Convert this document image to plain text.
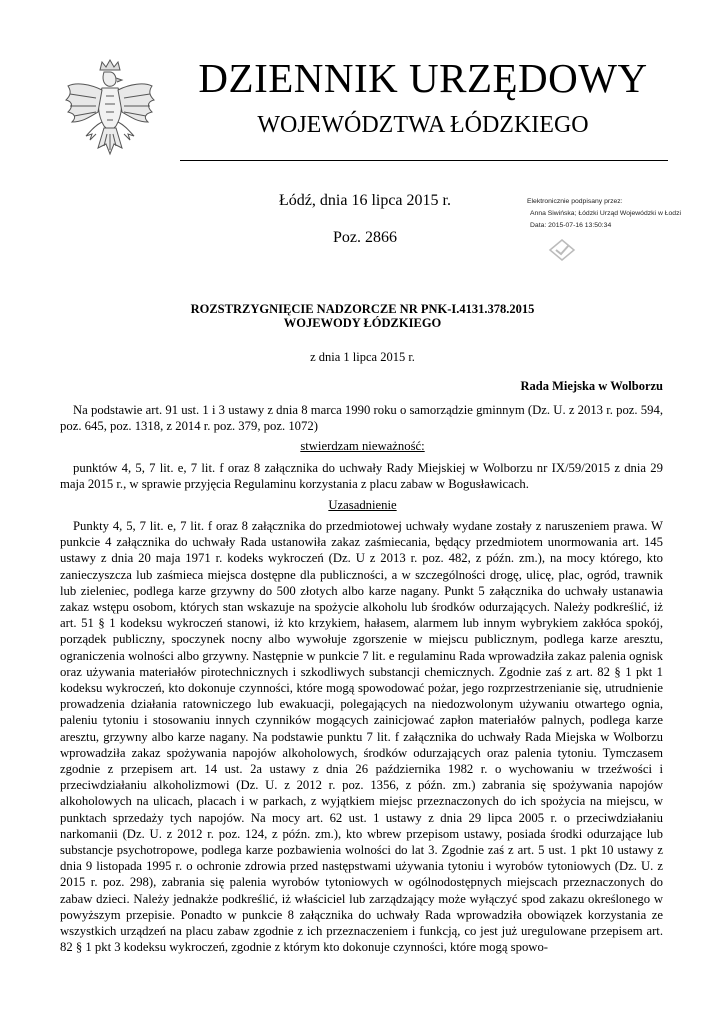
DZIENNIK URZĘDOWY
WOJEWÓDZTWA ŁÓDZKIEGO
Łódź, dnia 16 lipca 2015 r.
Poz. 2866
Elektronicznie podpisany przez:
Anna Siwińska; Łódzki Urząd Wojewódzki w Łodzi
Data: 2015-07-16 13:50:34
ROZSTRZYGNIĘCIE NADZORCZE NR PNK-I.4131.378.2015
WOJEWODY ŁÓDZKIEGO
z dnia 1 lipca 2015 r.
Rada Miejska w Wolborzu

Na podstawie art. 91 ust. 1 i 3 ustawy z dnia 8 marca 1990 roku o samorządzie gminnym (Dz. U. z 2013 r. poz. 594, poz. 645, poz. 1318, z 2014 r. poz. 379, poz. 1072)

stwierdzam nieważność:

punktów 4, 5, 7 lit. e, 7 lit. f oraz 8 załącznika do uchwały Rady Miejskiej w Wolborzu nr IX/59/2015 z dnia 29 maja 2015 r., w sprawie przyjęcia Regulaminu korzystania z placu zabaw w Bogusławicach.

Uzasadnienie

Punkty 4, 5, 7 lit. e, 7 lit. f oraz 8 załącznika do przedmiotowej uchwały wydane zostały z naruszeniem prawa. W punkcie 4 załącznika do uchwały Rada ustanowiła zakaz zaśmiecania, będący przedmiotem unormowania art. 145 ustawy z dnia 20 maja 1971 r. kodeks wykroczeń (Dz. U z 2013 r. poz. 482, z późn. zm.), na mocy którego, kto zanieczyszcza lub zaśmieca miejsca dostępne dla publiczności, a w szczególności drogę, ulicę, plac, ogród, trawnik lub zieleniec, podlega karze grzywny do 500 złotych albo karze nagany. Punkt 5 załącznika do uchwały ustanawia zakaz wstępu osobom, których stan wskazuje na spożycie alkoholu lub środków odurzających. Należy podkreślić, iż art. 51 § 1 kodeksu wykroczeń stanowi, iż kto krzykiem, hałasem, alarmem lub innym wybrykiem zakłóca spokój, porządek publiczny, spoczynek nocny albo wywołuje zgorszenie w miejscu publicznym, podlega karze aresztu, ograniczenia wolności albo grzywny. Następnie w punkcie 7 lit. e regulaminu Rada wprowadziła zakaz palenia ognisk oraz używania materiałów pirotechnicznych i szkodliwych substancji chemicznych. Zgodnie zaś z art. 82 § 1 pkt 1 kodeksu wykroczeń, kto dokonuje czynności, które mogą spowodować pożar, jego rozprzestrzenianie się, utrudnienie prowadzenia działania ratowniczego lub ewakuacji, polegających na niedozwolonym używaniu otwartego ognia, paleniu tytoniu i stosowaniu innych czynników mogących zainicjować zapłon materiałów palnych, podlega karze aresztu, grzywny albo karze nagany. Na podstawie punktu 7 lit. f załącznika do uchwały Rada Miejska w Wolborzu wprowadziła zakaz spożywania napojów alkoholowych, środków odurzających oraz palenia tytoniu. Tymczasem zgodnie z przepisem art. 14 ust. 2a ustawy z dnia 26 października 1982 r. o wychowaniu w trzeźwości i przeciwdziałaniu alkoholizmowi (Dz. U. z 2012 r. poz. 1356, z późn. zm.) zabrania się spożywania napojów alkoholowych na ulicach, placach i w parkach, z wyjątkiem miejsc przeznaczonych do ich spożycia na miejscu, w punktach sprzedaży tych napojów. Na mocy art. 62 ust. 1 ustawy z dnia 29 lipca 2005 r. o przeciwdziałaniu narkomanii (Dz. U. z 2012 r. poz. 124, z późn. zm.), kto wbrew przepisom ustawy, posiada środki odurzające lub substancje psychotropowe, podlega karze pozbawienia wolności do lat 3. Zgodnie zaś z art. 5 ust. 1 pkt 10 ustawy z dnia 9 listopada 1995 r. o ochronie zdrowia przed następstwami używania tytoniu i wyrobów tytoniowych (Dz. U. z 2015 r. poz. 298), zabrania się palenia wyrobów tytoniowych w ogólnodostępnych miejscach przeznaczonych do zabaw dzieci. Należy jednakże podkreślić, iż właściciel lub zarządzający może wyłączyć spod zakazu określonego w powyższym przepisie. Ponadto w punkcie 8 załącznika do uchwały Rada wprowadziła obowiązek korzystania ze wszystkich urządzeń na placu zabaw zgodnie z ich przeznaczeniem i funkcją, co jest już uregulowane przepisem art. 82 § 1 pkt 3 kodeksu wykroczeń, zgodnie z którym kto dokonuje czynności, które mogą spowo-
